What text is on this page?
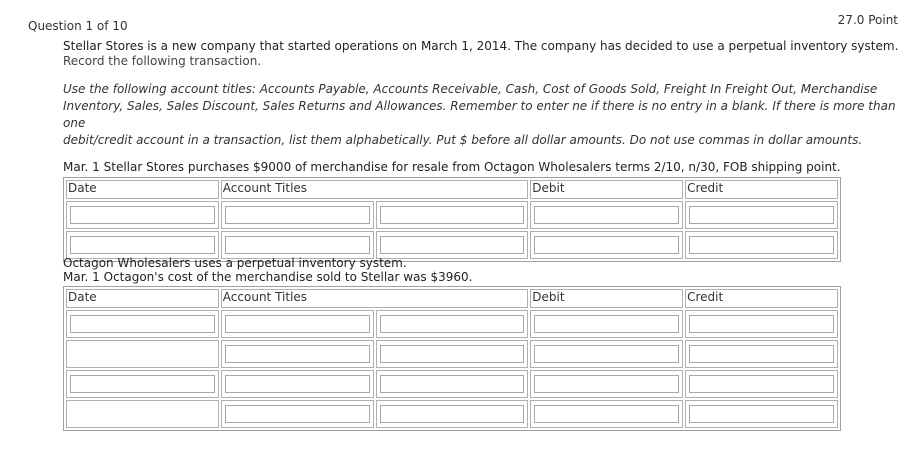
Question 1 of 10	27.0 Point
Stellar Stores is a new company that started operations on March 1, 2014. The company has decided to use a perpetual inventory system.
Record the following transaction.
Use the following account titles: Accounts Payable, Accounts Receivable, Cash, Cost of Goods Sold, Freight In Freight Out, Merchandise
Inventory, Sales, Sales Discount, Sales Returns and Allowances. Remember to enter ne if there is no entry in a blank. If there is more than one
debit/credit account in a transaction, list them alphabetically. Put $ before all dollar amounts. Do not use commas in dollar amounts.
Mar. 1 Stellar Stores purchases $9000 of merchandise for resale from Octagon Wholesalers terms 2/10, n/30, FOB shipping point.
Date	Account Titles		Debit	Credit

Octagon Wholesalers uses a perpetual inventory system.
Mar. 1 Octagon's cost of the merchandise sold to Stellar was $3960.
Date	Account Titles		Debit	Credit
